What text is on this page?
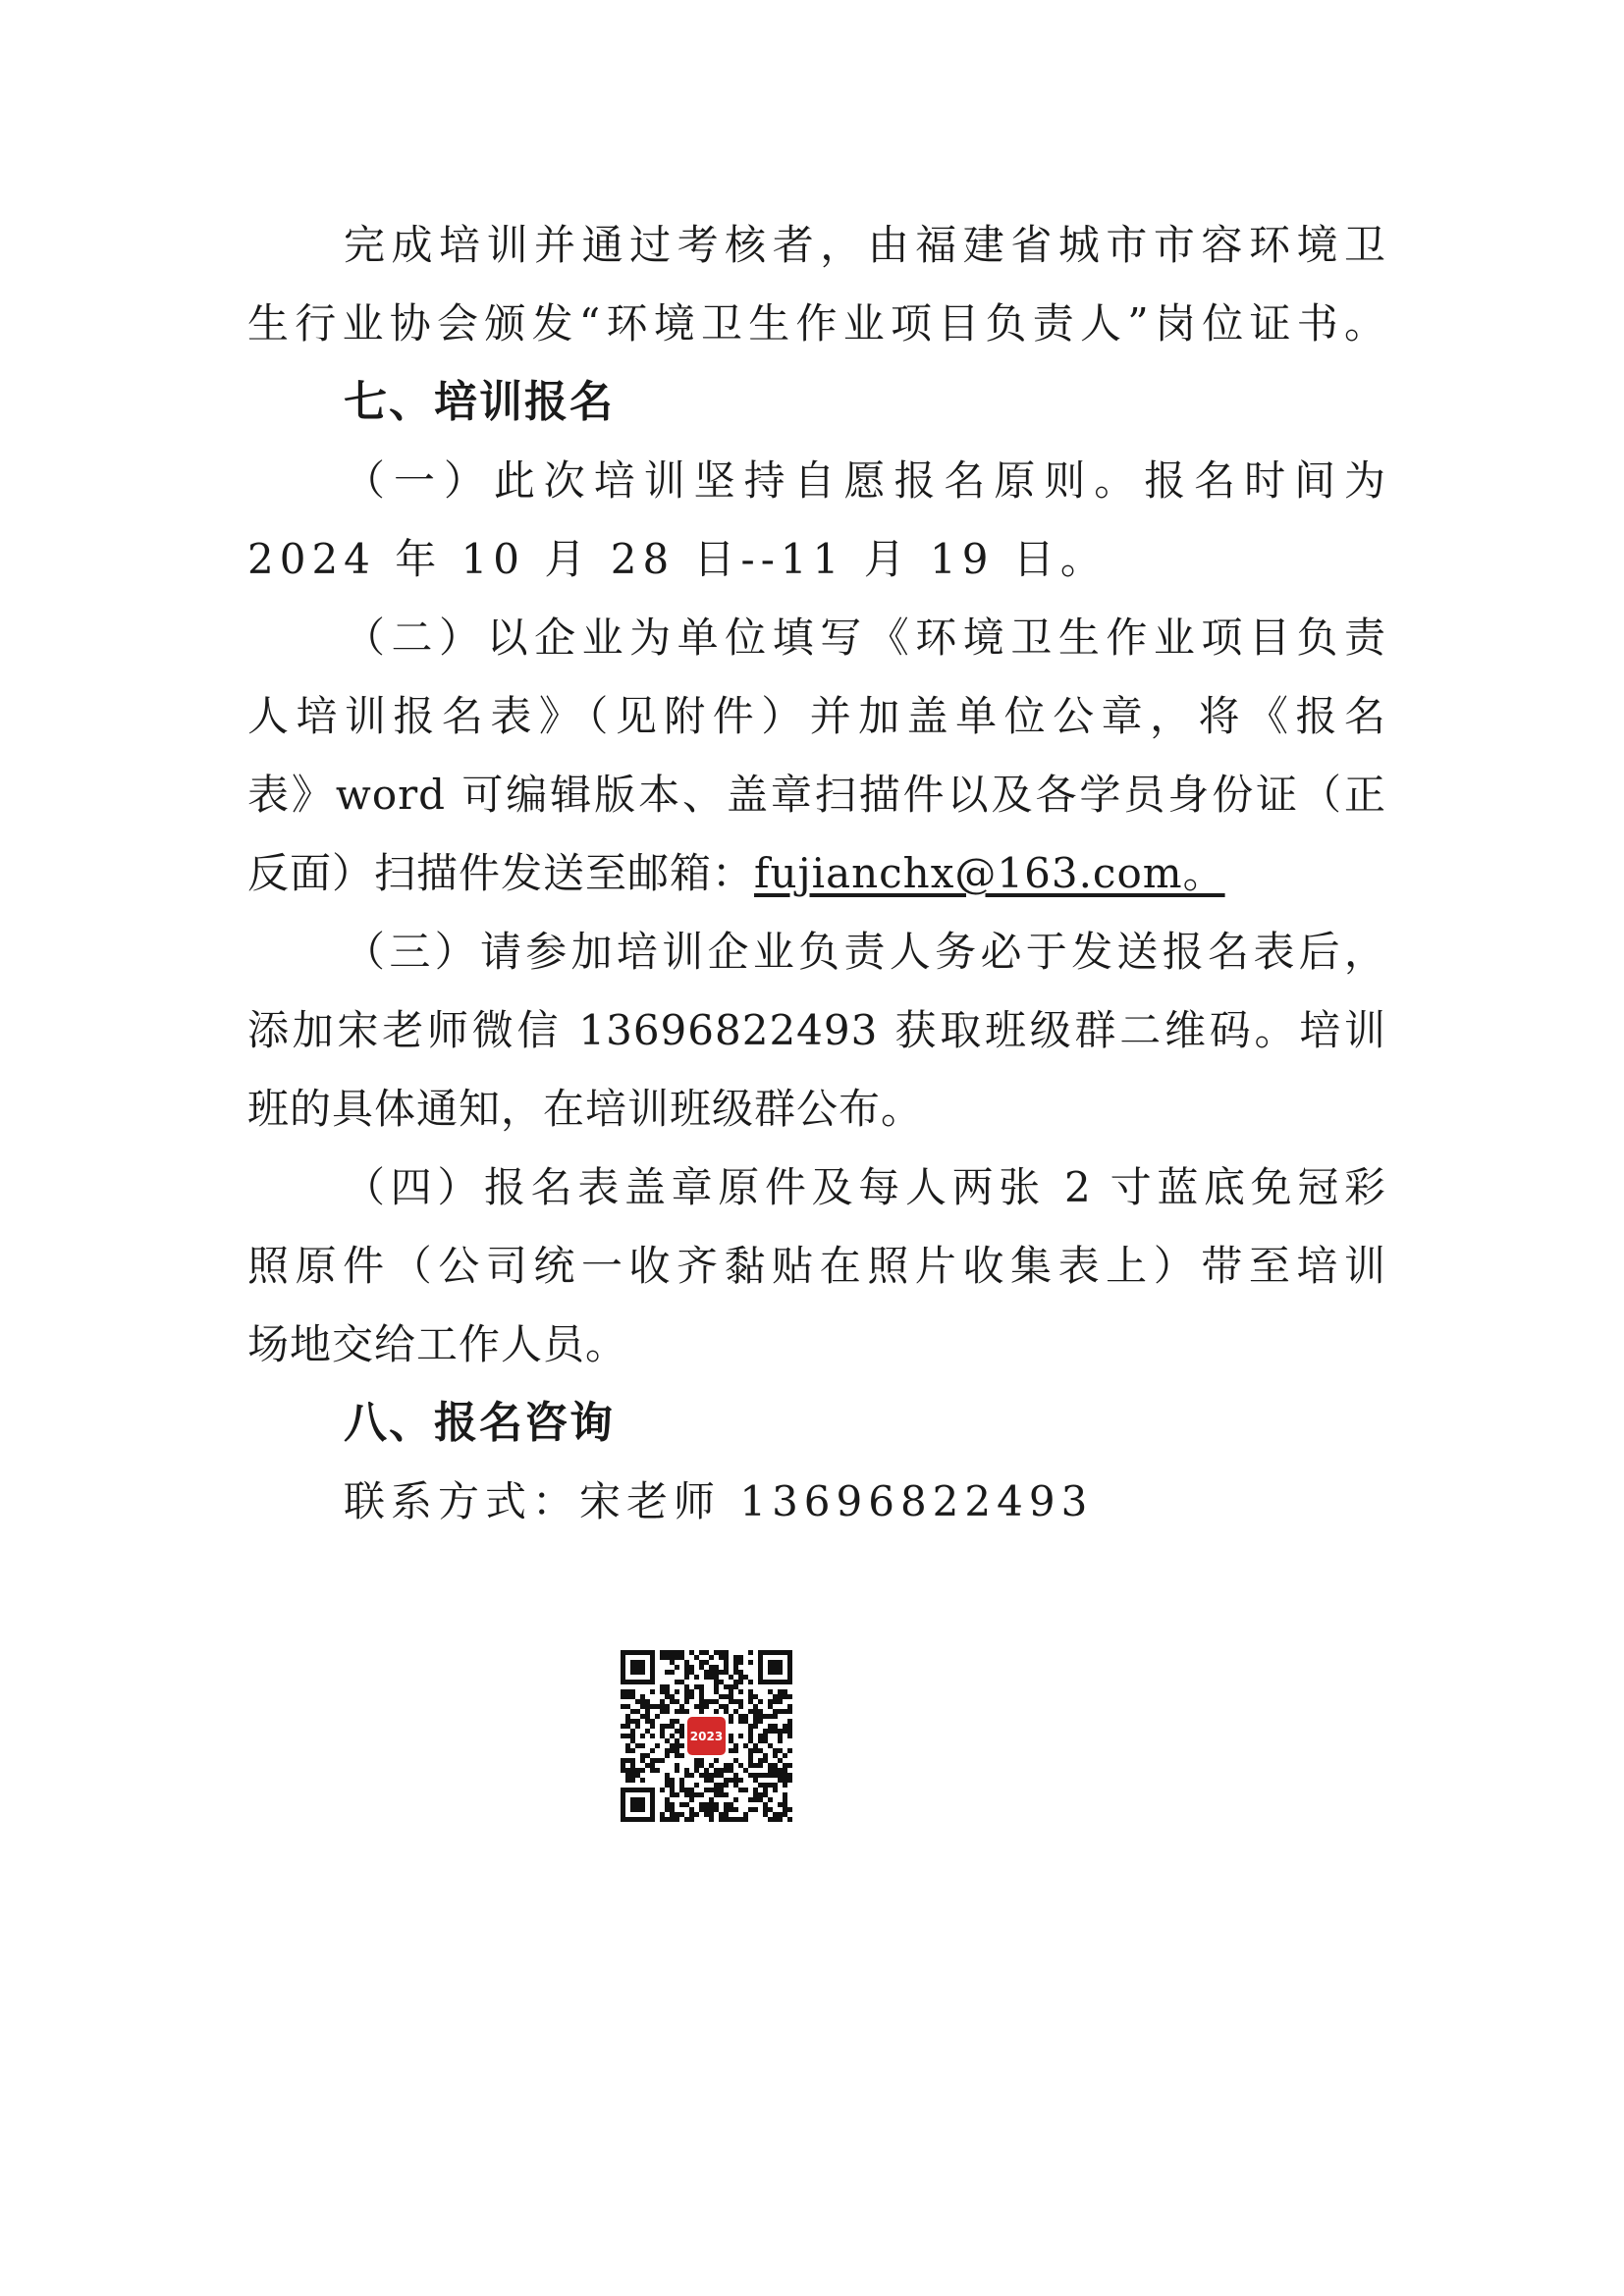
完成培训并通过考核者，由福建省城市市容环境卫
生行业协会颁发“环境卫生作业项目负责人”岗位证书。
七、培训报名
（一）此次培训坚持自愿报名原则。报名时间为
2024 年 10 月 28 日--11 月 19 日。
（二）以企业为单位填写《环境卫生作业项目负责
人培训报名表》（见附件）并加盖单位公章，将《报名
表》word 可编辑版本、盖章扫描件以及各学员身份证（正
反面）扫描件发送至邮箱：fujianchx@163.com。
（三）请参加培训企业负责人务必于发送报名表后，
添加宋老师微信 13696822493 获取班级群二维码。培训
班的具体通知，在培训班级群公布。
（四）报名表盖章原件及每人两张 2 寸蓝底免冠彩
照原件（公司统一收齐黏贴在照片收集表上）带至培训
场地交给工作人员。
八、报名咨询
联系方式：宋老师 13696822493
2023
